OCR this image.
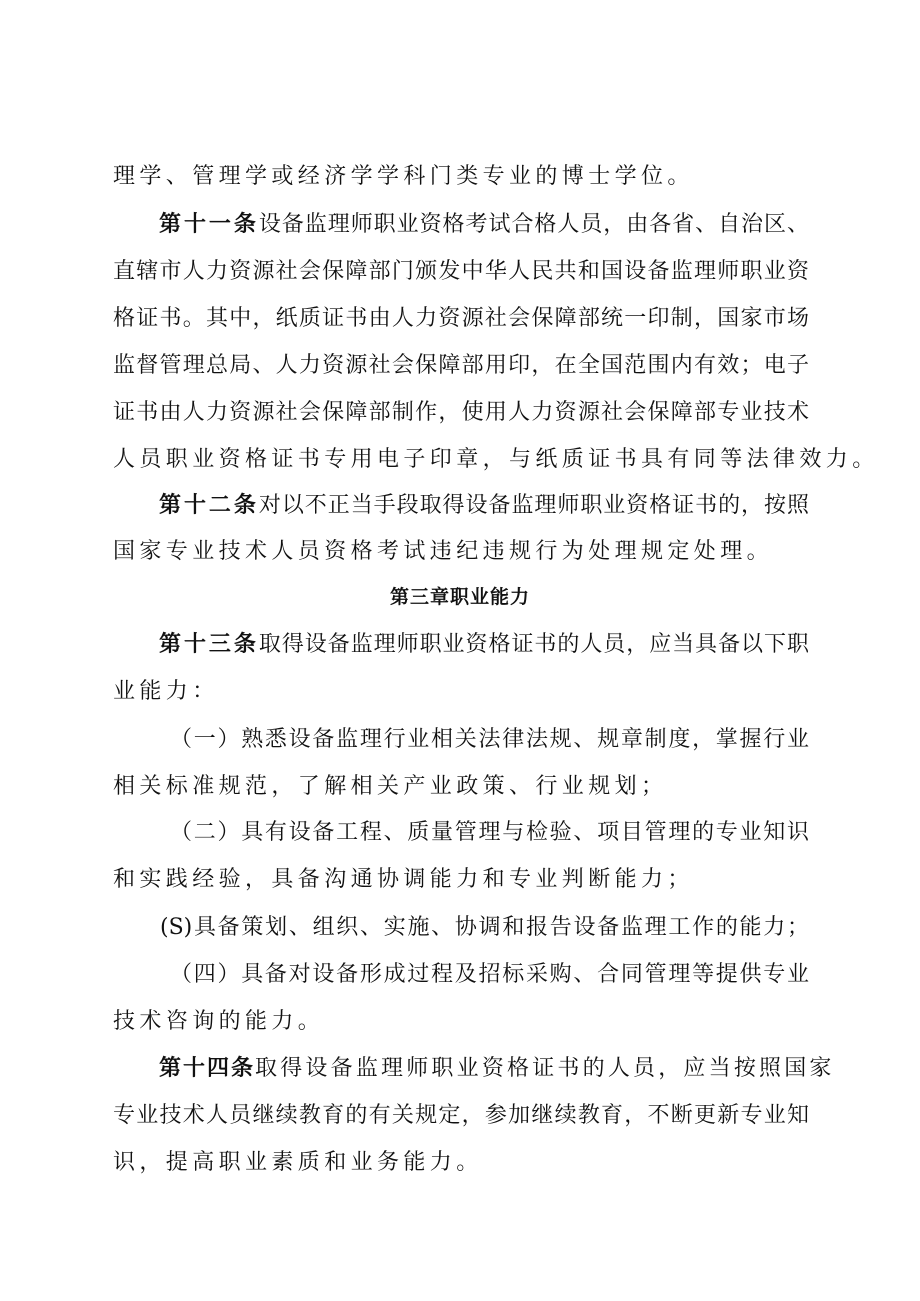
理学、管理学或经济学学科门类专业的博士学位。
第十一条设备监理师职业资格考试合格人员，由各省、自治区、
直辖市人力资源社会保障部门颁发中华人民共和国设备监理师职业资
格证书。其中，纸质证书由人力资源社会保障部统一印制，国家市场
监督管理总局、人力资源社会保障部用印，在全国范围内有效；电子
证书由人力资源社会保障部制作，使用人力资源社会保障部专业技术
人员职业资格证书专用电子印章，与纸质证书具有同等法律效力。
第十二条对以不正当手段取得设备监理师职业资格证书的，按照
国家专业技术人员资格考试违纪违规行为处理规定处理。
第三章职业能力
第十三条取得设备监理师职业资格证书的人员，应当具备以下职
业能力：
（一）熟悉设备监理行业相关法律法规、规章制度，掌握行业
相关标准规范，了解相关产业政策、行业规划；
（二）具有设备工程、质量管理与检验、项目管理的专业知识
和实践经验，具备沟通协调能力和专业判断能力；
(S)具备策划、组织、实施、协调和报告设备监理工作的能力；
（四）具备对设备形成过程及招标采购、合同管理等提供专业
技术咨询的能力。
第十四条取得设备监理师职业资格证书的人员，应当按照国家
专业技术人员继续教育的有关规定，参加继续教育，不断更新专业知
识，提高职业素质和业务能力。
